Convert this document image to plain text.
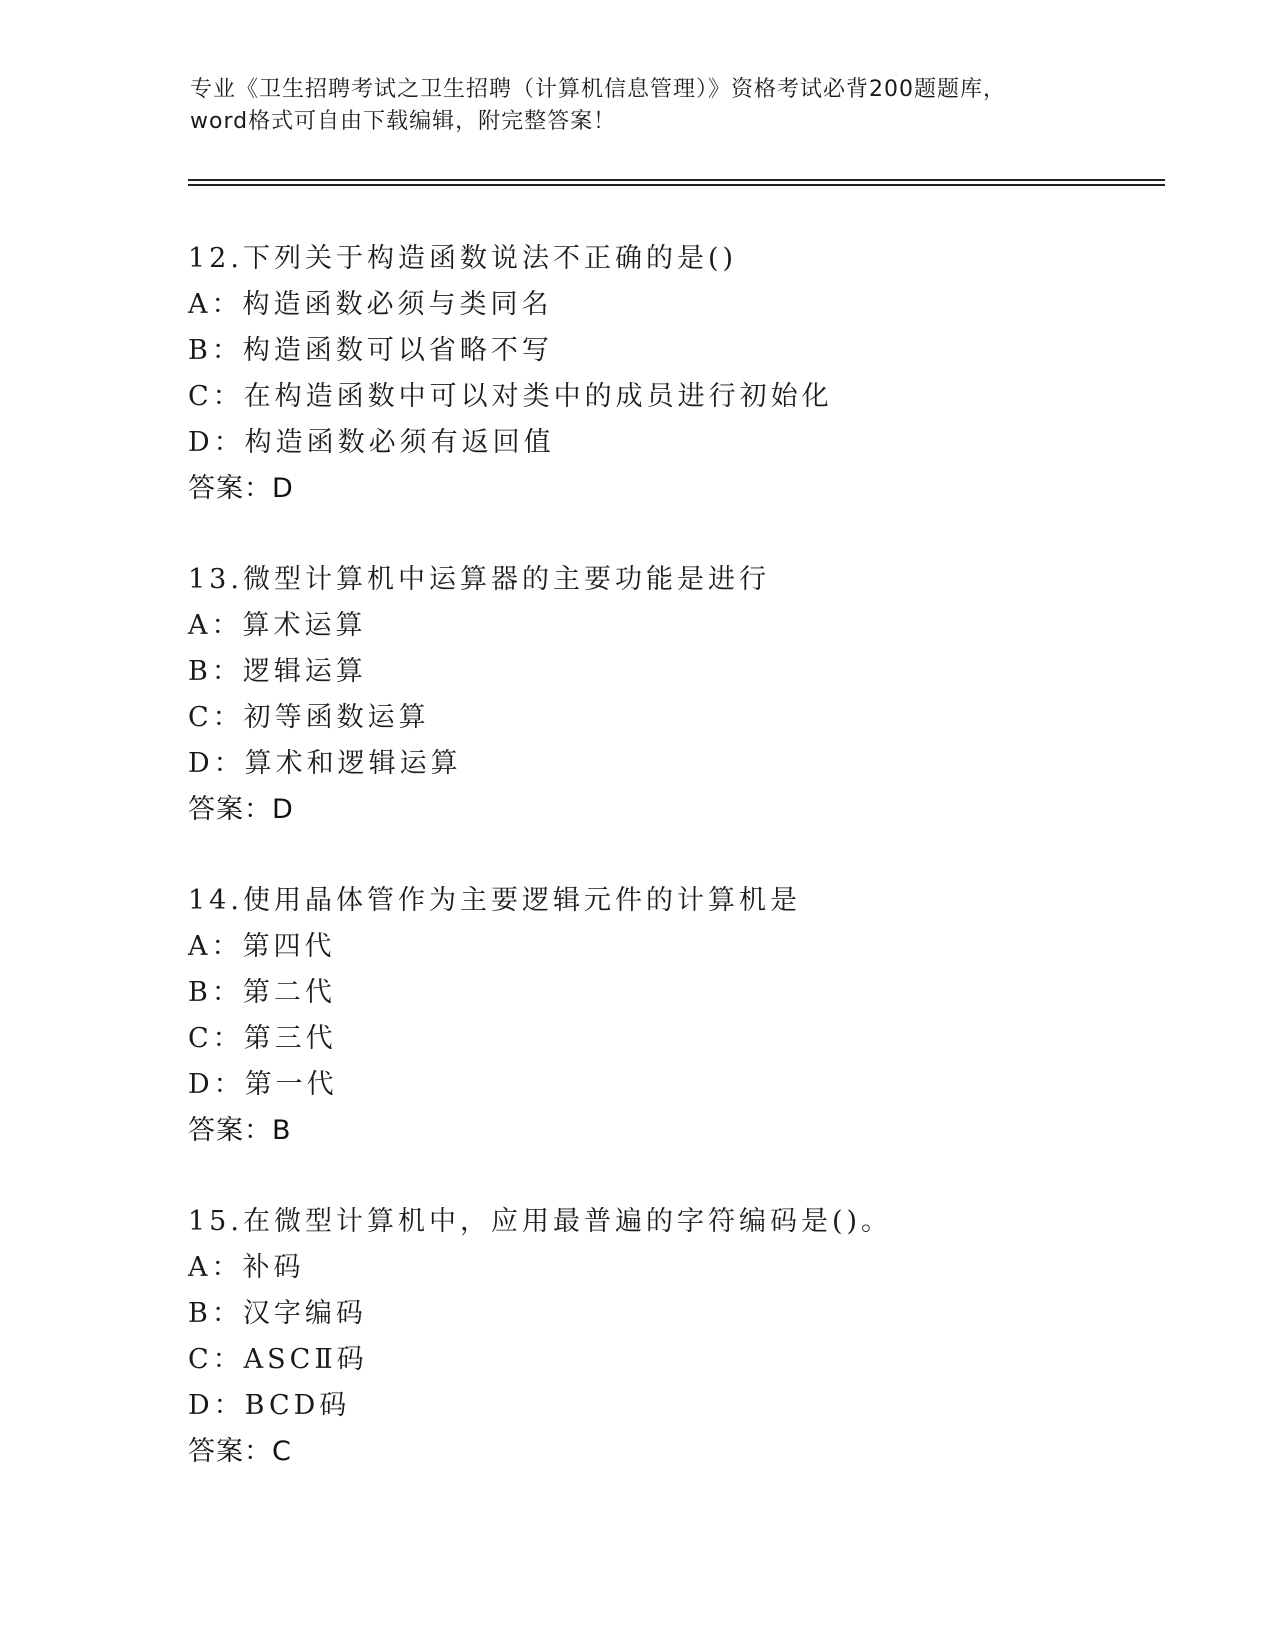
专业《卫生招聘考试之卫生招聘（计算机信息管理）》资格考试必背200题题库，
word格式可自由下载编辑，附完整答案！
12.下列关于构造函数说法不正确的是()
A：构造函数必须与类同名
B：构造函数可以省略不写
C：在构造函数中可以对类中的成员进行初始化
D：构造函数必须有返回值
答案：D
13.微型计算机中运算器的主要功能是进行
A：算术运算
B：逻辑运算
C：初等函数运算
D：算术和逻辑运算
答案：D
14.使用晶体管作为主要逻辑元件的计算机是
A：第四代
B：第二代
C：第三代
D：第一代
答案：B
15.在微型计算机中，应用最普遍的字符编码是()。
A：补码
B：汉字编码
C：ASCⅡ码
D：BCD码
答案：C
